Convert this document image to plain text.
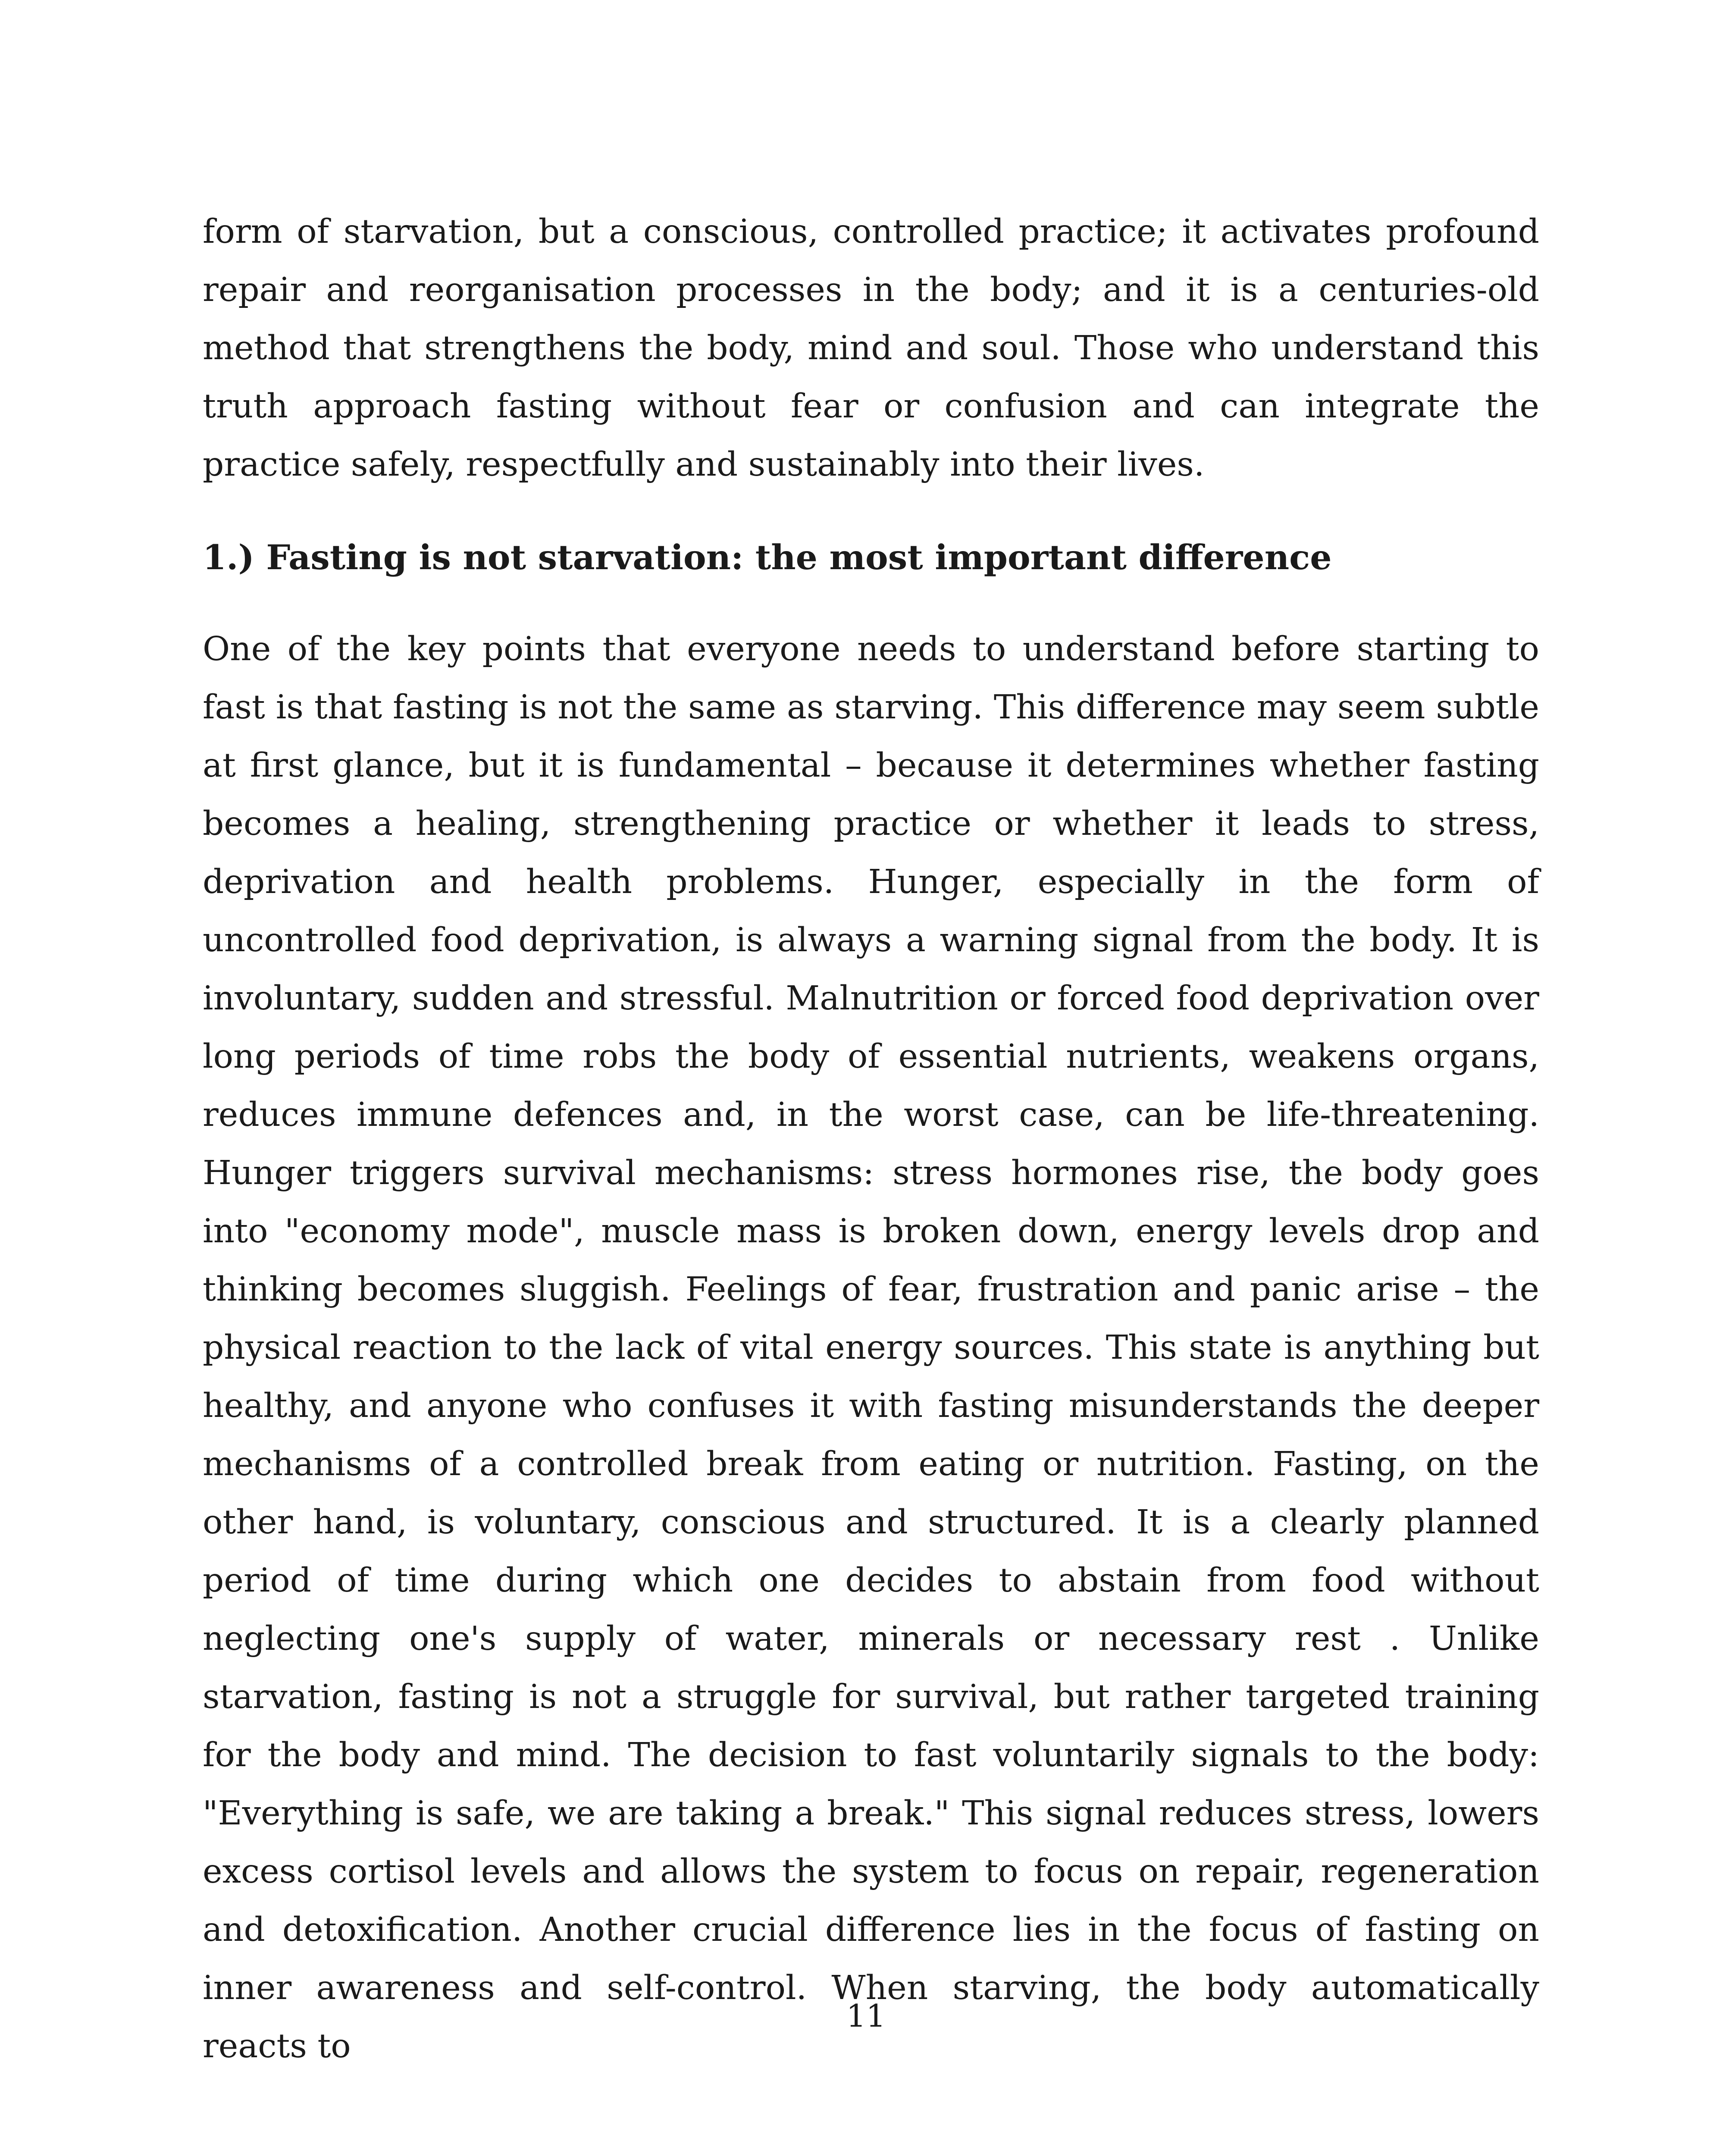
form of starvation, but a conscious, controlled practice; it activates profound repair and reorganisation processes in the body; and it is a centuries-old method that strengthens the body, mind and soul. Those who understand this truth approach fasting without fear or confusion and can integrate the practice safely, respectfully and sustainably into their lives.

1.) Fasting is not starvation: the most important difference

One of the key points that everyone needs to understand before starting to fast is that fasting is not the same as starving. This difference may seem subtle at first glance, but it is fundamental – because it determines whether fasting becomes a healing, strengthening practice or whether it leads to stress, deprivation and health problems. Hunger, especially in the form of uncontrolled food deprivation, is always a warning signal from the body. It is involuntary, sudden and stressful. Malnutrition or forced food deprivation over long periods of time robs the body of essential nutrients, weakens organs, reduces immune defences and, in the worst case, can be life-threatening. Hunger triggers survival mechanisms: stress hormones rise, the body goes into "economy mode", muscle mass is broken down, energy levels drop and thinking becomes sluggish. Feelings of fear, frustration and panic arise – the physical reaction to the lack of vital energy sources. This state is anything but healthy, and anyone who confuses it with fasting misunderstands the deeper mechanisms of a controlled break from eating or nutrition. Fasting, on the other hand, is voluntary, conscious and structured. It is a clearly planned period of time during which one decides to abstain from food without neglecting one's supply of water, minerals or necessary rest . Unlike starvation, fasting is not a struggle for survival, but rather targeted training for the body and mind. The decision to fast voluntarily signals to the body: "Everything is safe, we are taking a break." This signal reduces stress, lowers excess cortisol levels and allows the system to focus on repair, regeneration and detoxification. Another crucial difference lies in the focus of fasting on inner awareness and self-control. When starving, the body automatically reacts to

11
